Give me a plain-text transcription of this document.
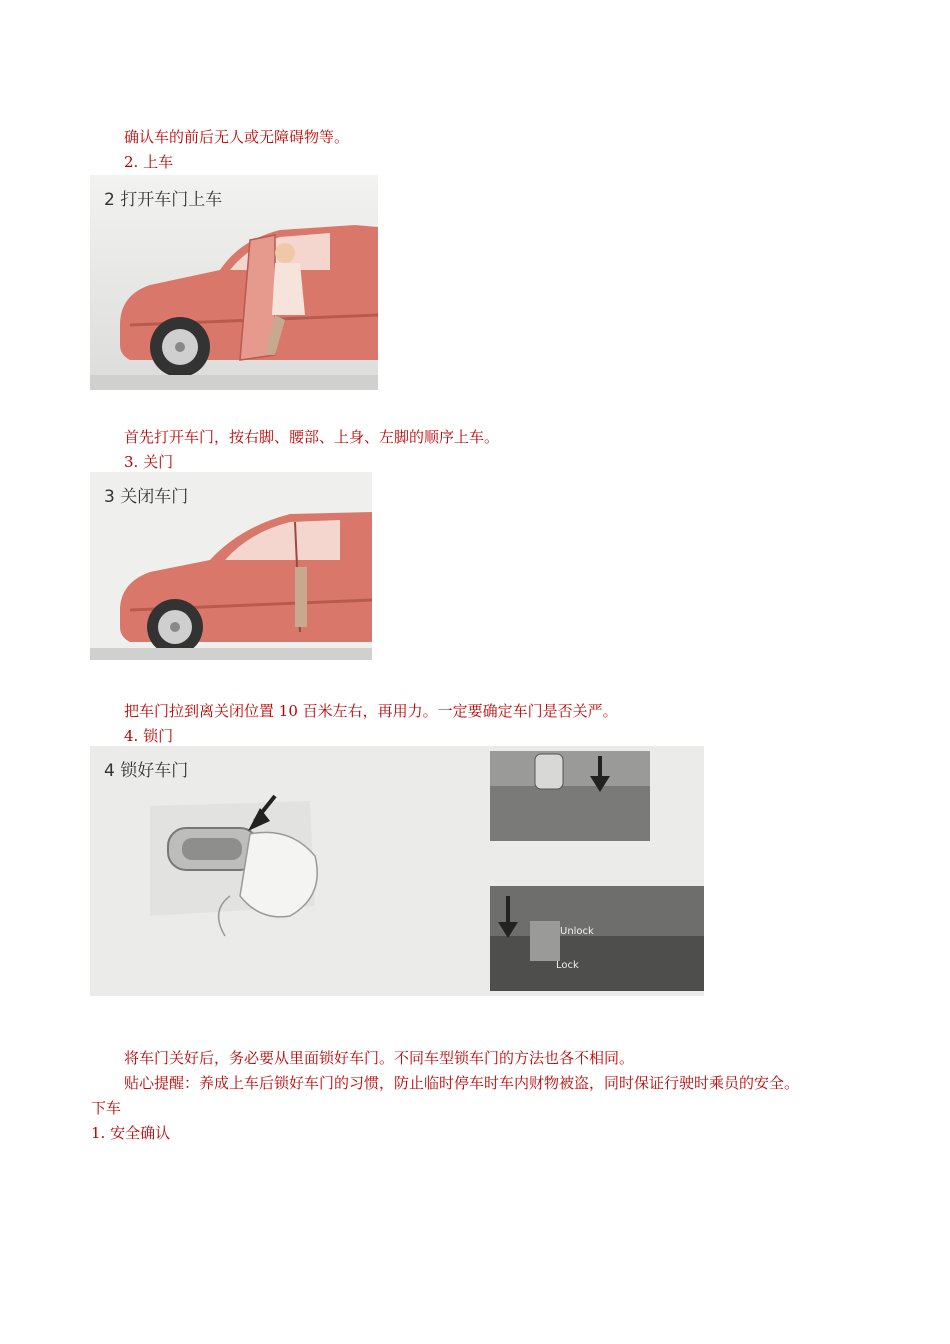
确认车的前后无人或无障碍物等。
2. 上车
2 打开车门上车
首先打开车门，按右脚、腰部、上身、左脚的顺序上车。
3. 关门
3 关闭车门
把车门拉到离关闭位置 10 百米左右，再用力。一定要确定车门是否关严。
4. 锁门
Unlock
Lock
4 锁好车门
将车门关好后，务必要从里面锁好车门。不同车型锁车门的方法也各不相同。
贴心提醒：养成上车后锁好车门的习惯，防止临时停车时车内财物被盗，同时保证行驶时乘员的安全。
下车
1. 安全确认
